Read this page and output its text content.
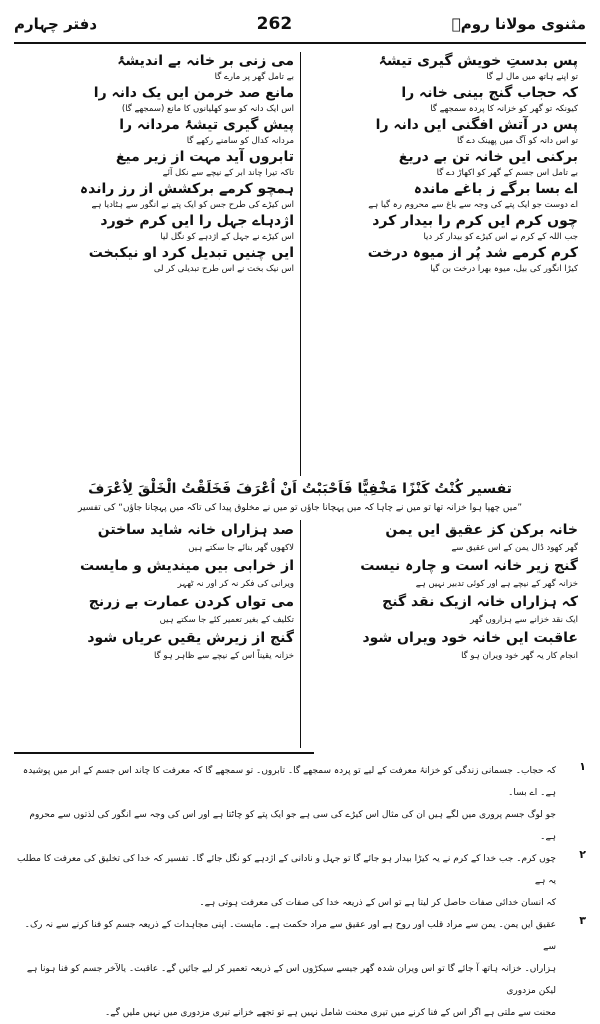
مثنوی مولانا رومؒ
262
دفتر چہارم
پس بدستِ خویش گیری تیشۂ
تو اپنے ہاتھ میں مال لے گا
کہ حجاب گنج بینی خانہ را
کیونکہ تو گھر کو خزانہ کا پردہ سمجھے گا
پس در آتش افگنی ایں دانہ را
تو اس دانہ کو آگ میں پھینک دے گا
برکنی ایں خانہ تن بے دریغ
بے تامل اس جسم کے گھر کو اکھاڑ دے گا
اے بسا برگے ز باغے ماندہ
اے دوست جو ایک پتے کی وجہ سے باغ سے محروم رہ گیا ہے
چوں کرم ایں کرم را بیدار کرد
جب اللہ کے کرم نے اس کیڑے کو بیدار کر دیا
کرم کرمے شد پُر از میوہ درخت
کیڑا انگور کی بیل، میوہ بھرا درخت بن گیا
می زنی بر خانہ بے اندیشۂ
بے تامل گھر پر مارے گا
مانع صد خرمن ایں یک دانہ را
اس ایک دانہ کو سو کھلیانوں کا مانع (سمجھے گا)
پیش گیری تیشۂ مردانہ را
مردانہ کدال کو سامنے رکھے گا
تابروں آید مہت از زیر میغ
تاکہ تیرا چاند ابر کے نیچے سے نکل آئے
ہمچو کرمے برکشش از رز راندہ
اس کیڑے کی طرح جس کو ایک پتے نے انگور سے ہٹادیا ہے
اژدہاے جہل را ایں کرم خورد
اس کیڑے نے جہل کے اژدہے کو نگل لیا
ایں چنیں تبدیل کرد او نیکبخت
اس نیک بخت نے اس طرح تبدیلی کر لی
تفسیر کُنْتُ کَنْزًا مَخْفِیًّا فَاَحْبَبْتُ اَنْ اُعْرَفَ فَخَلَقْتُ الْخَلْقَ لِاُعْرَفَ
”میں چھپا ہوا خزانہ تھا تو میں نے چاہا کہ میں پہچانا جاؤں تو میں نے مخلوق پیدا کی تاکہ میں پہچانا جاؤں“ کی تفسیر
خانہ برکن کز عقیق ایں یمن
گھر کھود ڈال یمن کے اس عقیق سے
گنج زیر خانہ است و چارہ نیست
خزانہ گھر کے نیچے ہے اور کوئی تدبیر نہیں ہے
کہ ہزاراں خانہ ازیک نقد گنج
ایک نقد خزانے سے ہزاروں گھر
عاقبت ایں خانہ خود ویراں شود
انجام کار یہ گھر خود ویران ہو گا
صد ہزاراں خانہ شاید ساختن
لاکھوں گھر بنائے جا سکتے ہیں
از خرابی بیں میندیش و مایست
ویرانی کی فکر نہ کر اور نہ ٹھہر
می تواں کردن عمارت بے زرنج
تکلیف کے بغیر تعمیر کئے جا سکتے ہیں
گنج از زیرش یقیں عریاں شود
خزانہ یقیناً اس کے نیچے سے ظاہر ہو گا
۱
کہ حجاب۔ جسمانی زندگی کو خزانۂ معرفت کے لیے تو پردہ سمجھے گا۔ تابروں۔ تو سمجھے گا کہ معرفت کا چاند اس جسم کے ابر میں پوشیدہ ہے۔ اے بسا۔
جو لوگ جسم پروری میں لگے ہیں ان کی مثال اس کیڑے کی سی ہے جو ایک پتے کو چاٹتا ہے اور اس کی وجہ سے انگور کی لذتوں سے محروم ہے۔
۲
چوں کرم۔ جب خدا کے کرم نے یہ کیڑا بیدار ہو جائے گا تو جہل و نادانی کے اژدہے کو نگل جائے گا۔ تفسیر کہ خدا کی تخلیق کی معرفت کا مطلب یہ ہے
کہ انسان خدائی صفات حاصل کر لیتا ہے تو اس کے ذریعہ خدا کی صفات کی معرفت ہوتی ہے۔
۳
عقیق ایں یمن۔ یمن سے مراد قلب اور روح ہے اور عقیق سے مراد حکمت ہے۔ مایست۔ اپنی مجاہدات کے ذریعہ جسم کو فنا کرنے سے نہ رک۔ سے
ہزاراں۔ خزانہ ہاتھ آ جائے گا تو اس ویران شدہ گھر جیسے سیکڑوں اس کے ذریعہ تعمیر کر لیے جائیں گے۔ عاقبت۔ یالآخر جسم کو فنا ہونا ہے لیکن مزدوری
محنت سے ملتی ہے اگر اس کے فنا کرنے میں تیری محنت شامل نہیں ہے تو تجھے خزانے تیری مزدوری میں نہیں ملیں گے۔
